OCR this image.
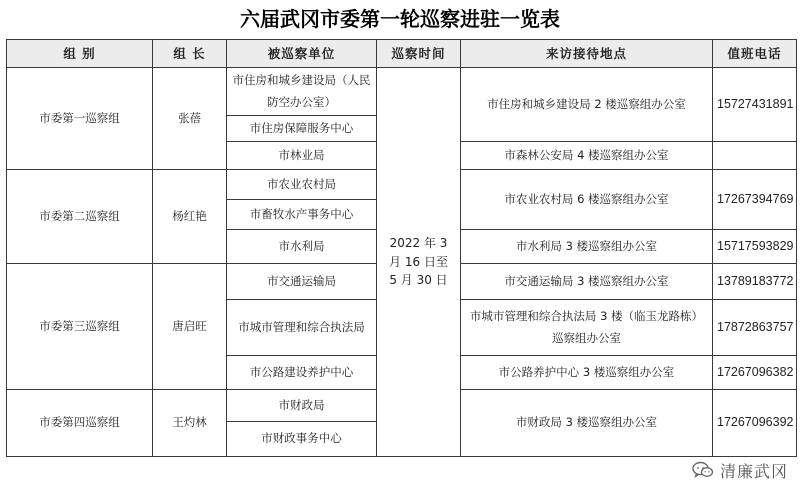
六届武冈市委第一轮巡察进驻一览表
组 别	组 长	被巡察单位	巡察时间	来访接待地点	值班电话
市委第一巡察组	张蓓	市住房和城乡建设局（人民防空办公室）	2022 年 3 月 16 日至 5 月 30 日	市住房和城乡建设局 2 楼巡察组办公室	15727431891
		市住房保障服务中心			
		市林业局		市森林公安局 4 楼巡察组办公室	
市委第二巡察组	杨红艳	市农业农村局		市农业农村局 6 楼巡察组办公室	17267394769
		市畜牧水产事务中心			
		市水利局		市水利局 3 楼巡察组办公室	15717593829
市委第三巡察组	唐启旺	市交通运输局		市交通运输局 3 楼巡察组办公室	13789183772
		市城市管理和综合执法局		市城市管理和综合执法局 3 楼（临玉龙路栋）巡察组办公室	17872863757
		市公路建设养护中心		市公路养护中心 3 楼巡察组办公室	17267096382
市委第四巡察组	王灼林	市财政局		市财政局 3 楼巡察组办公室	17267096392
		市财政事务中心			
清廉武冈
